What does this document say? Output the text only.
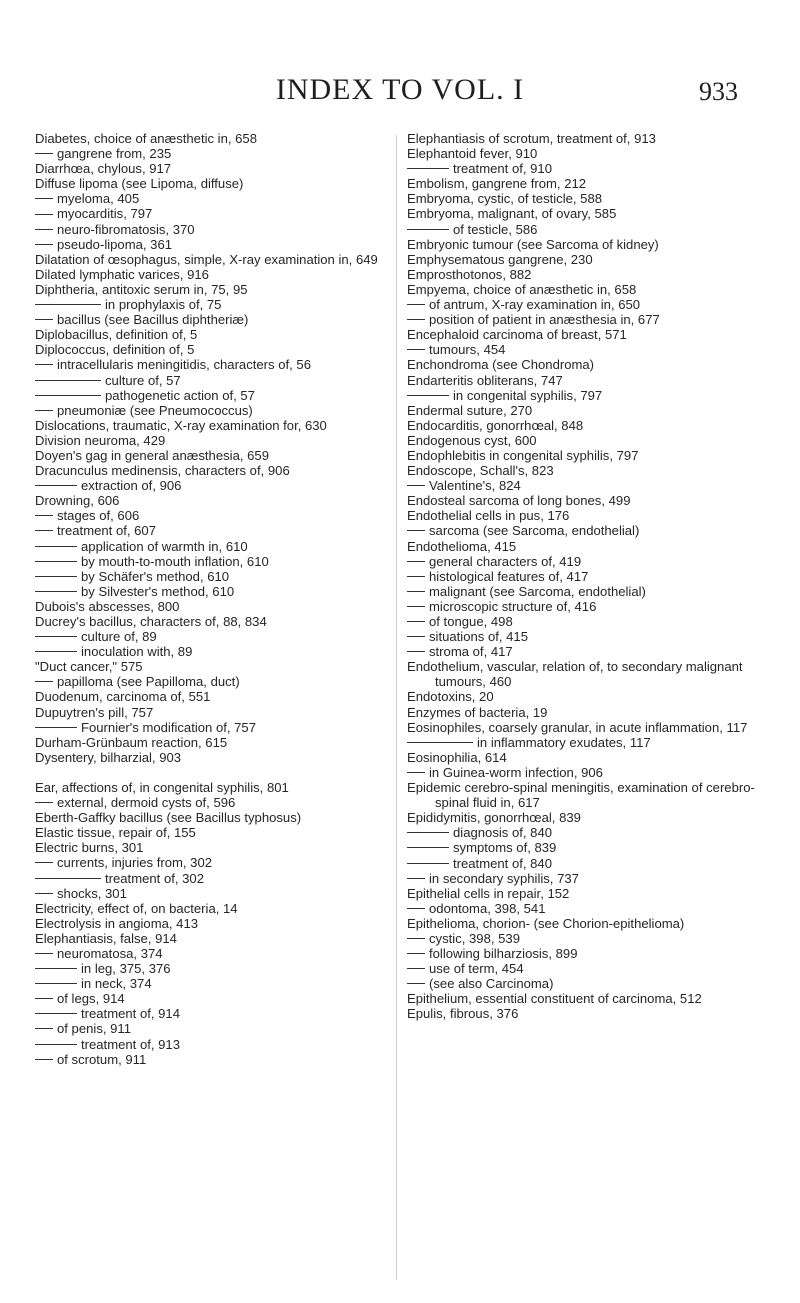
INDEX TO VOL. I	933

Diabetes, choice of anæsthetic in, 658

gangrene from, 235

Diarrhœa, chylous, 917

Diffuse lipoma (see Lipoma, diffuse)

myeloma, 405

myocarditis, 797

neuro-fibromatosis, 370

pseudo-lipoma, 361

Dilatation of œsophagus, simple, X-ray examination in, 649

Dilated lymphatic varices, 916

Diphtheria, antitoxic serum in, 75, 95

in prophylaxis of, 75

bacillus (see Bacillus diphtheriæ)

Diplobacillus, definition of, 5

Diplococcus, definition of, 5

intracellularis meningitidis, characters of, 56

culture of, 57

pathogenetic action of, 57

pneumoniæ (see Pneumococcus)

Dislocations, traumatic, X-ray examination for, 630

Division neuroma, 429

Doyen's gag in general anæsthesia, 659

Dracunculus medinensis, characters of, 906

extraction of, 906

Drowning, 606

stages of, 606

treatment of, 607

application of warmth in, 610

by mouth-to-mouth inflation, 610

by Schäfer's method, 610

by Silvester's method, 610

Dubois's abscesses, 800

Ducrey's bacillus, characters of, 88, 834

culture of, 89

inoculation with, 89

"Duct cancer," 575

papilloma (see Papilloma, duct)

Duodenum, carcinoma of, 551

Dupuytren's pill, 757

Fournier's modification of, 757

Durham-Grünbaum reaction, 615

Dysentery, bilharzial, 903

Ear, affections of, in congenital syphilis, 801

external, dermoid cysts of, 596

Eberth-Gaffky bacillus (see Bacillus typhosus)

Elastic tissue, repair of, 155

Electric burns, 301

currents, injuries from, 302

treatment of, 302

shocks, 301

Electricity, effect of, on bacteria, 14

Electrolysis in angioma, 413

Elephantiasis, false, 914

neuromatosa, 374

in leg, 375, 376

in neck, 374

of legs, 914

treatment of, 914

of penis, 911

treatment of, 913

of scrotum, 911

Elephantiasis of scrotum, treatment of, 913

Elephantoid fever, 910

treatment of, 910

Embolism, gangrene from, 212

Embryoma, cystic, of testicle, 588

Embryoma, malignant, of ovary, 585

of testicle, 586

Embryonic tumour (see Sarcoma of kidney)

Emphysematous gangrene, 230

Emprosthotonos, 882

Empyema, choice of anæsthetic in, 658

of antrum, X-ray examination in, 650

position of patient in anæsthesia in, 677

Encephaloid carcinoma of breast, 571

tumours, 454

Enchondroma (see Chondroma)

Endarteritis obliterans, 747

in congenital syphilis, 797

Endermal suture, 270

Endocarditis, gonorrhœal, 848

Endogenous cyst, 600

Endophlebitis in congenital syphilis, 797

Endoscope, Schall's, 823

Valentine's, 824

Endosteal sarcoma of long bones, 499

Endothelial cells in pus, 176

sarcoma (see Sarcoma, endothelial)

Endothelioma, 415

general characters of, 419

histological features of, 417

malignant (see Sarcoma, endothelial)

microscopic structure of, 416

of tongue, 498

situations of, 415

stroma of, 417

Endothelium, vascular, relation of, to secondary malignant tumours, 460

Endotoxins, 20

Enzymes of bacteria, 19

Eosinophiles, coarsely granular, in acute inflammation, 117

in inflammatory exudates, 117

Eosinophilia, 614

in Guinea-worm infection, 906

Epidemic cerebro-spinal meningitis, examination of cerebro-spinal fluid in, 617

Epididymitis, gonorrhœal, 839

diagnosis of, 840

symptoms of, 839

treatment of, 840

in secondary syphilis, 737

Epithelial cells in repair, 152

odontoma, 398, 541

Epithelioma, chorion- (see Chorion-epithelioma)

cystic, 398, 539

following bilharziosis, 899

use of term, 454

(see also Carcinoma)

Epithelium, essential constituent of carcinoma, 512

Epulis, fibrous, 376
